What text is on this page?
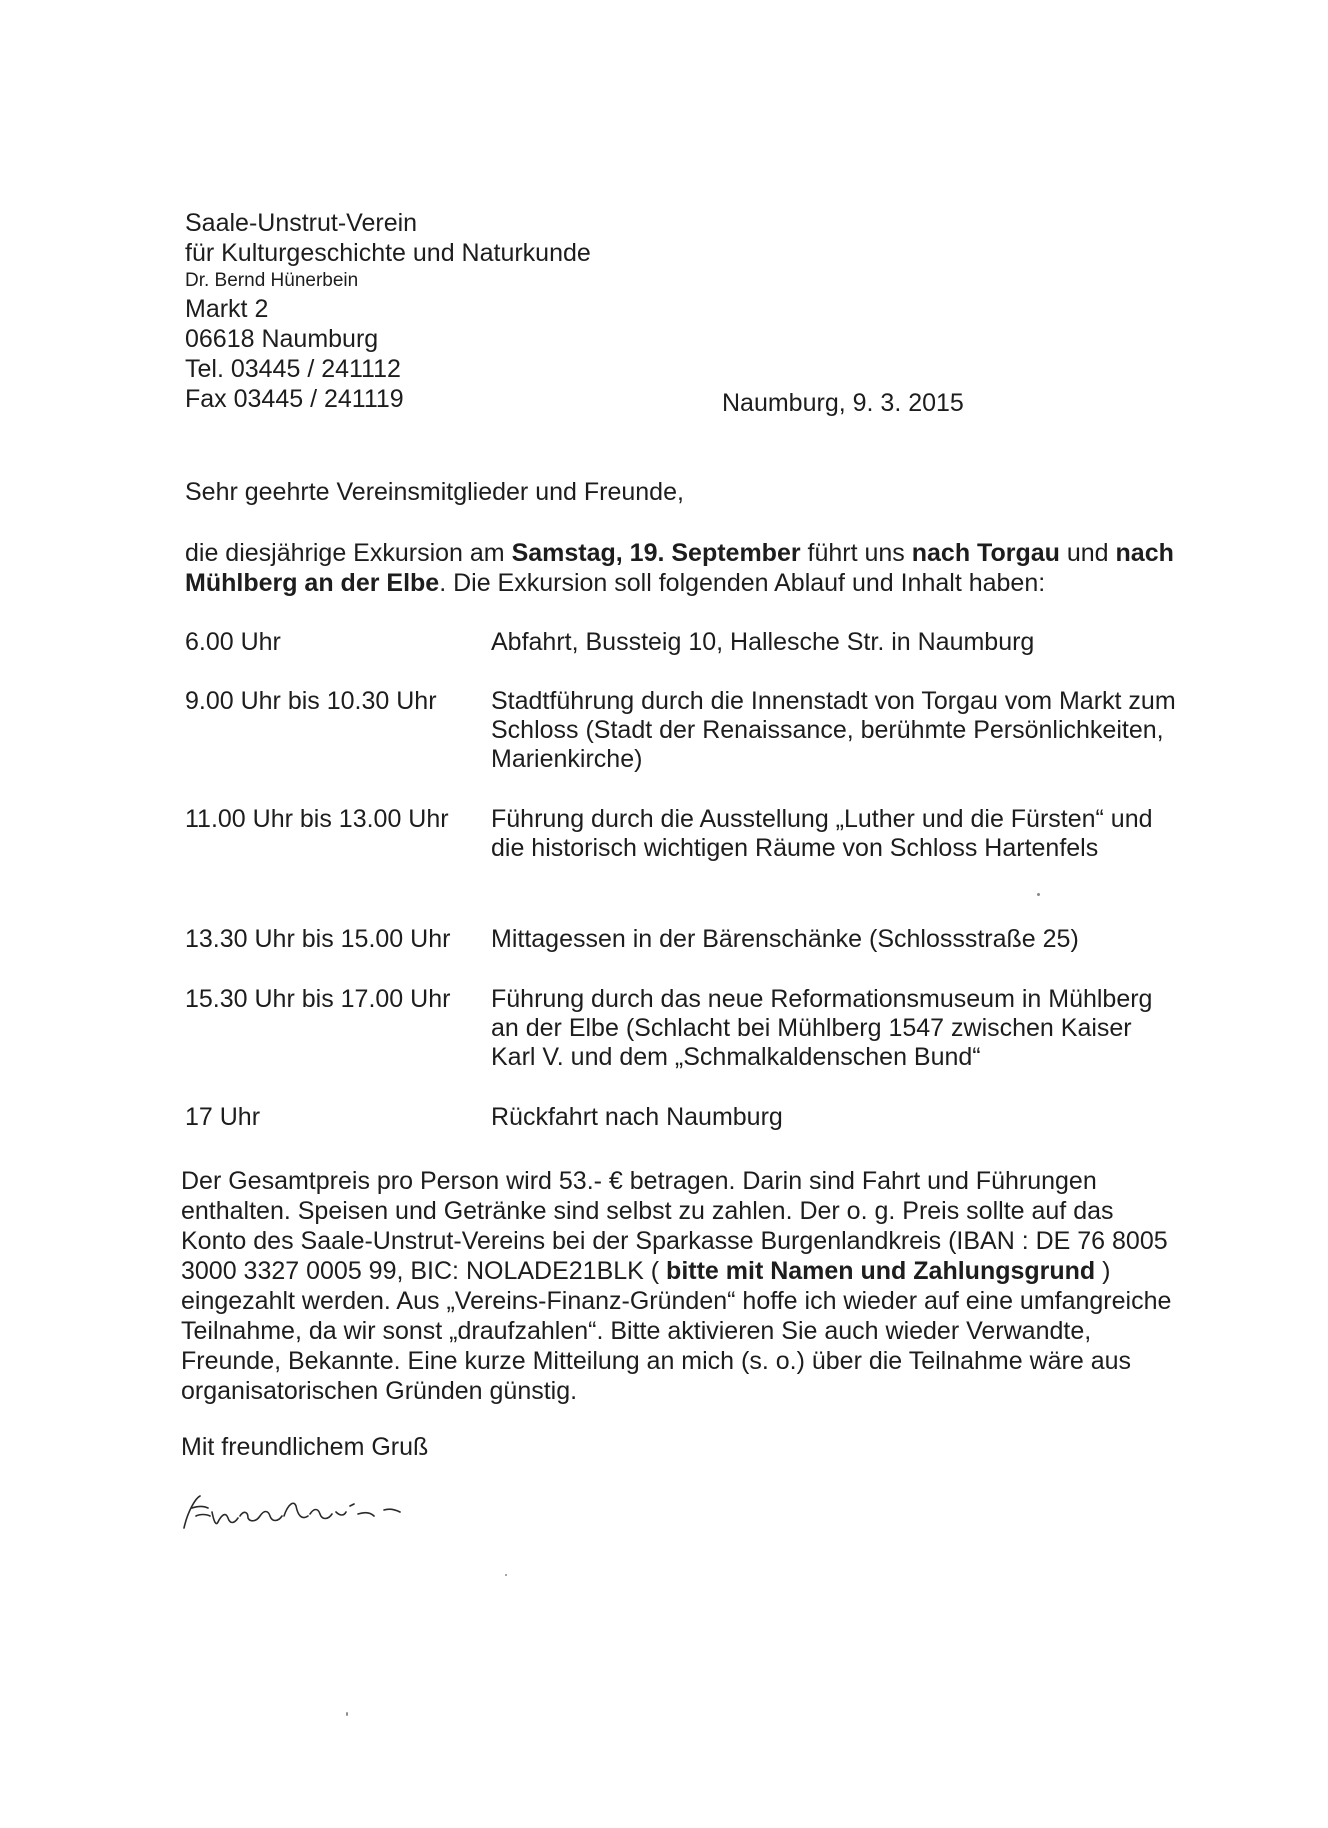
Saale-Unstrut-Verein
für Kulturgeschichte und Naturkunde
Dr. Bernd Hünerbein
Markt 2
06618 Naumburg
Tel. 03445 / 241112
Fax 03445 / 241119	Naumburg, 9. 3. 2015
Sehr geehrte Vereinsmitglieder und Freunde,
die diesjährige Exkursion am Samstag, 19. September führt uns nach Torgau und nach Mühlberg an der Elbe. Die Exkursion soll folgenden Ablauf und Inhalt haben:
6.00 Uhr	Abfahrt, Bussteig 10, Hallesche Str. in Naumburg
9.00 Uhr bis 10.30 Uhr	Stadtführung durch die Innenstadt von Torgau vom Markt zum Schloss (Stadt der Renaissance, berühmte Persönlichkeiten, Marienkirche)
11.00 Uhr bis 13.00 Uhr	Führung durch die Ausstellung „Luther und die Fürsten“ und die historisch wichtigen Räume von Schloss Hartenfels
13.30 Uhr bis 15.00 Uhr	Mittagessen in der Bärenschänke (Schlossstraße 25)
15.30 Uhr bis 17.00 Uhr	Führung durch das neue Reformationsmuseum in Mühlberg an der Elbe (Schlacht bei Mühlberg 1547 zwischen Kaiser Karl V. und dem „Schmalkaldenschen Bund“
17 Uhr	Rückfahrt nach Naumburg
Der Gesamtpreis pro Person wird 53.- € betragen. Darin sind Fahrt und Führungen enthalten. Speisen und Getränke sind selbst zu zahlen. Der o. g. Preis sollte auf das Konto des Saale-Unstrut-Vereins bei der Sparkasse Burgenlandkreis (IBAN : DE 76 8005 3000 3327 0005 99, BIC: NOLADE21BLK ( bitte mit Namen und Zahlungsgrund ) eingezahlt werden. Aus „Vereins-Finanz-Gründen“ hoffe ich wieder auf eine umfangreiche Teilnahme, da wir sonst „draufzahlen“. Bitte aktivieren Sie auch wieder Verwandte, Freunde, Bekannte. Eine kurze Mitteilung an mich (s. o.) über die Teilnahme wäre aus organisatorischen Gründen günstig.
Mit freundlichem Gruß
